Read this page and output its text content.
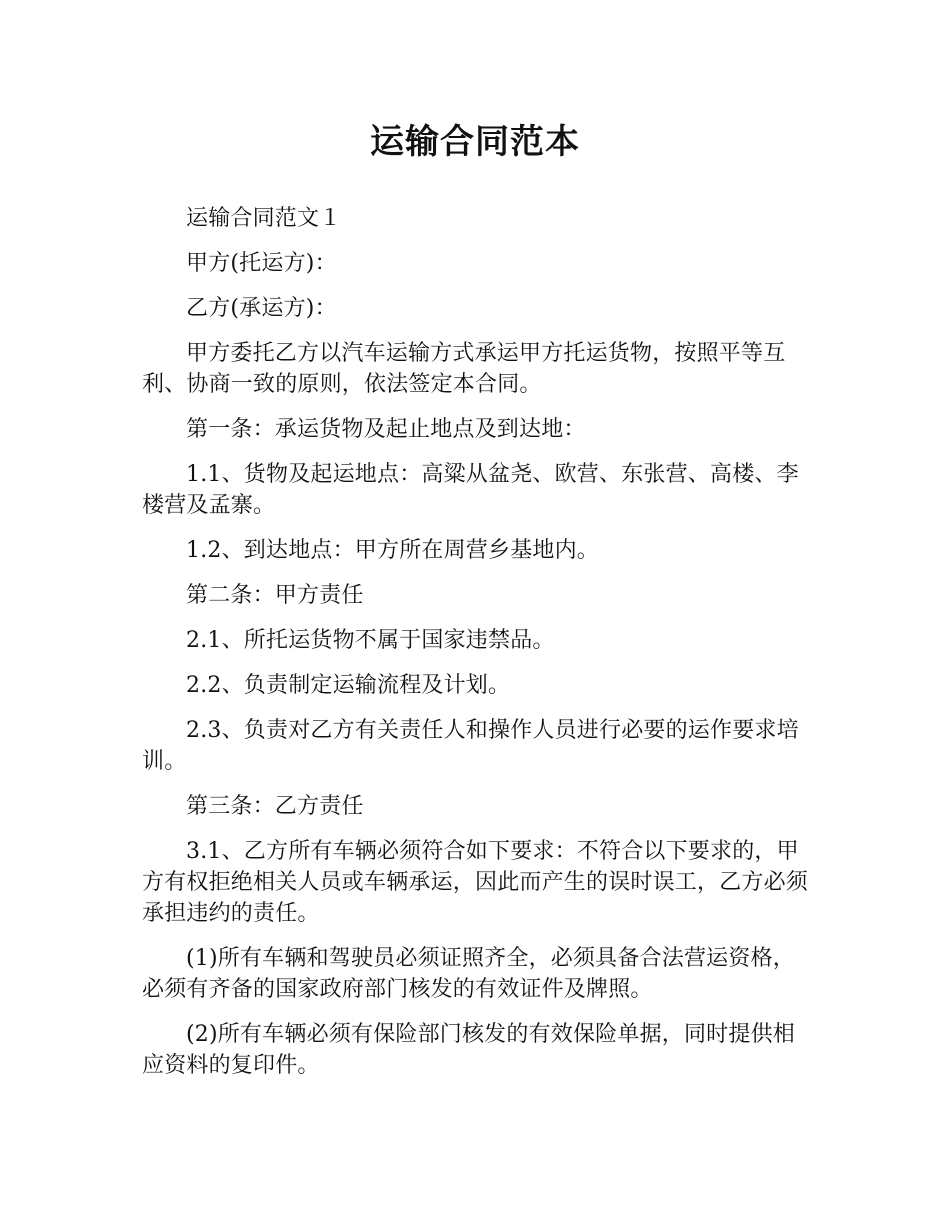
运输合同范本

运输合同范文１

甲方(托运方)：

乙方(承运方)：

甲方委托乙方以汽车运输方式承运甲方托运货物，按照平等互利、协商一致的原则，依法签定本合同。

第一条：承运货物及起止地点及到达地：

1.1、货物及起运地点：高粱从盆尧、欧营、东张营、高楼、李楼营及孟寨。

1.2、到达地点：甲方所在周营乡基地内。

第二条：甲方责任

2.1、所托运货物不属于国家违禁品。

2.2、负责制定运输流程及计划。

2.3、负责对乙方有关责任人和操作人员进行必要的运作要求培训。

第三条：乙方责任

3.1、乙方所有车辆必须符合如下要求：不符合以下要求的，甲方有权拒绝相关人员或车辆承运，因此而产生的误时误工，乙方必须承担违约的责任。

(1)所有车辆和驾驶员必须证照齐全，必须具备合法营运资格，必须有齐备的国家政府部门核发的有效证件及牌照。

(2)所有车辆必须有保险部门核发的有效保险单据，同时提供相应资料的复印件。
